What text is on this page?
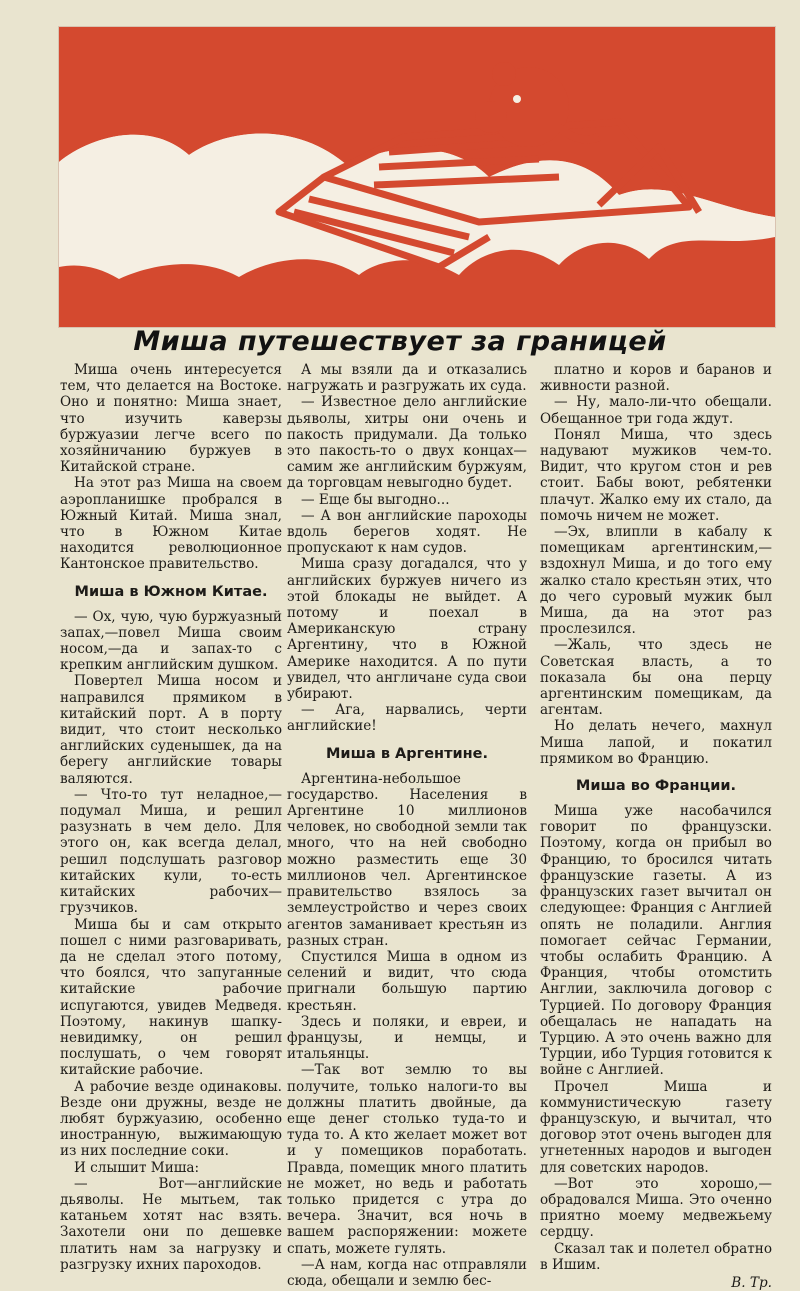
Миша путешествует за границей

Миша очень интересуется тем, что делается на Востоке. Оно и понятно: Миша знает, что изучить каверзы буржуазии легче всего по хозяйничанию буржуев в Китайской стране.

На этот раз Миша на своем аэропланишке пробрался в Южный Китай. Миша знал, что в Южном Китае находится революционное Кантонское правительство.

Миша в Южном Китае.

— Ох, чую, чую буржуазный запах,—повел Миша своим носом,—да и запах-то с крепким английским душком.

Повертел Миша носом и направился прямиком в китайский порт. А в порту видит, что стоит несколько английских суденышек, да на берегу английские товары валяются.

— Что-то тут неладное,—подумал Миша, и решил разузнать в чем дело. Для этого он, как всегда делал, решил подслушать разговор китайских кули, то-есть китайских рабочих—грузчиков.

Миша бы и сам открыто пошел с ними разговаривать, да не сделал этого потому, что боялся, что запуганные китайские рабочие испугаются, увидев Медведя. Поэтому, накинув шапку-невидимку, он решил послушать, о чем говорят китайские рабочие.

А рабочие везде одинаковы. Везде они дружны, везде не любят буржуазию, особенно иностранную, выжимающую из них последние соки.

И слышит Миша:

— Вот—английские дьяволы. Не мытьем, так катаньем хотят нас взять. Захотели они по дешевке платить нам за нагрузку и разгрузку ихних пароходов.

А мы взяли да и отказались нагружать и разгружать их суда.

— Известное дело английские дьяволы, хитры они очень и пакость придумали. Да только это пакость-то о двух концах—самим же английским буржуям, да торговцам невыгодно будет.

— Еще бы выгодно...

— А вон английские пароходы вдоль берегов ходят. Не пропускают к нам судов.

Миша сразу догадался, что у английских буржуев ничего из этой блокады не выйдет. А потому и поехал в Американскую страну Аргентину, что в Южной Америке находится. А по пути увидел, что англичане суда свои убирают.

— Ага, нарвались, черти английские!

Миша в Аргентине.

Аргентина-небольшое государство. Населения в Аргентине 10 миллионов человек, но свободной земли так много, что на ней свободно можно разместить еще 30 миллионов чел. Аргентинское правительство взялось за землеустройство и через своих агентов заманивает крестьян из разных стран.

Спустился Миша в одном из селений и видит, что сюда пригнали большую партию крестьян.

Здесь и поляки, и евреи, и французы, и немцы, и итальянцы.

—Так вот землю то вы получите, только налоги-то вы должны платить двойные, да еще денег столько туда-то и туда то. А кто желает может вот и у помещиков поработать. Правда, помещик много платить не может, но ведь и работать только придется с утра до вечера. Значит, вся ночь в вашем распоряжении: можете спать, можете гулять.

—А нам, когда нас отправляли сюда, обещали и землю бес-

платно и коров и баранов и живности разной.

— Ну, мало-ли-что обещали. Обещанное три года ждут.

Понял Миша, что здесь надувают мужиков чем-то. Видит, что кругом стон и рев стоит. Бабы воют, ребятенки плачут. Жалко ему их стало, да помочь ничем не может.

—Эх, влипли в кабалу к помещикам аргентинским,—вздохнул Миша, и до того ему жалко стало крестьян этих, что до чего суровый мужик был Миша, да на этот раз прослезился.

—Жаль, что здесь не Советская власть, а то показала бы она перцу аргентинским помещикам, да агентам.

Но делать нечего, махнул Миша лапой, и покатил прямиком во Францию.

Миша во Франции.

Миша уже насобачился говорит по французски. Поэтому, когда он прибыл во Францию, то бросился читать французские газеты. А из французских газет вычитал он следующее: Франция с Англией опять не поладили. Англия помогает сейчас Германии, чтобы ослабить Францию. А Франция, чтобы отомстить Англии, заключила договор с Турцией. По договору Франция обещалась не нападать на Турцию. А это очень важно для Турции, ибо Турция готовится к войне с Англией.

Прочел Миша и коммунистическую газету французскую, и вычитал, что договор этот очень выгоден для угнетенных народов и выгоден для советских народов.

—Вот это хорошо,—обрадовался Миша. Это оченно приятно моему медвежьему сердцу.

Сказал так и полетел обратно в Ишим.

В. Тр.
